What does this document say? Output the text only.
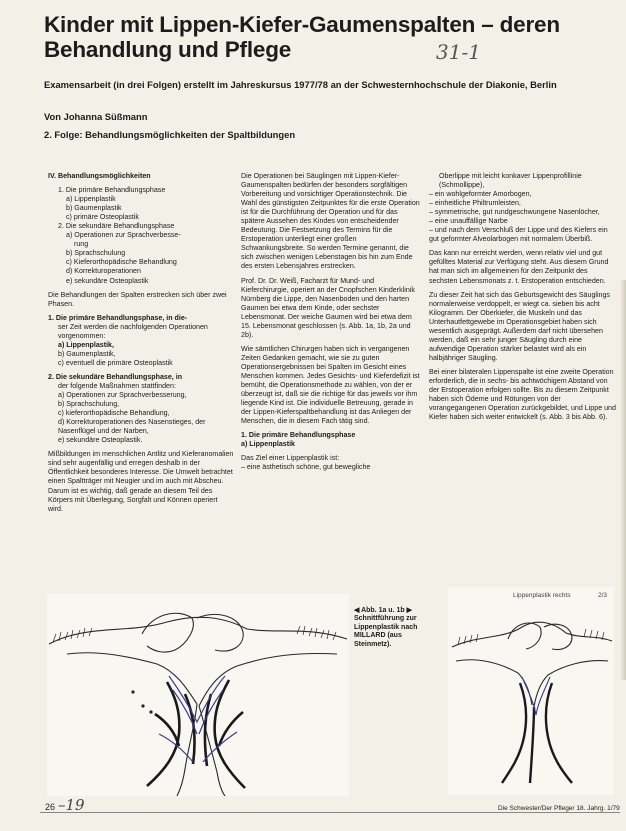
Kinder mit Lippen-Kiefer-Gaumenspalten – deren Behandlung und Pflege	31-1
Examensarbeit (in drei Folgen) erstellt im Jahreskursus 1977/78 an der Schwesternhochschule der Diakonie, Berlin
Von Johanna Süßmann
2. Folge: Behandlungsmöglichkeiten der Spaltbildungen

IV. Behandlungsmöglichkeiten

1. Die primäre Behandlungsphase
a) Lippenplastik
b) Gaumenplastik
c) primäre Osteoplastik
2. Die sekundäre Behandlungsphase
a) Operationen zur Sprachverbesse-
rung
b) Sprachschulung
c) Kieferorthopädische Behandlung
d) Korrekturoperationen
e) sekundäre Osteoplastik

Die Behandlungen der Spalten erstrecken sich über zwei Phasen.

1. Die primäre Behandlungsphase, in die-
ser Zeit werden die nachfolgenden Operationen vorgenommen:
a) Lippenplastik,
b) Gaumenplastik,
c) eventuell die primäre Osteoplastik
2. Die sekundäre Behandlungsphase, in
der folgende Maßnahmen stattfinden:
a) Operationen zur Sprachverbesserung,
b) Sprachschulung,
c) kieferorthopädische Behandlung,
d) Korrekturoperationen des Nasenstieges, der Nasenflügel und der Narben,
e) sekundäre Osteoplastik.

Mißbildungen im menschlichen Antlitz und Kieferanomalien sind sehr augenfällig und erregen deshalb in der Öffentlichkeit besonderes Interesse. Die Umwelt betrachtet einen Spaltträger mit Neugier und im auch mit Abscheu. Darum ist es wichtig, daß gerade an diesem Teil des Körpers mit Überlegung, Sorgfalt und Können operiert wird.

Die Operationen bei Säuglingen mit Lippen-Kiefer-Gaumenspalten bedürfen der besonders sorgfältigen Vorbereitung und vorsichtiger Operationstechnik. Die Wahl des günstigsten Zeitpunktes für die erste Operation ist für die Durchführung der Operation und für das spätere Aussehen des Kindes von entscheidender Bedeutung. Die Festsetzung des Termins für die Erstoperation unterliegt einer großen Schwankungsbreite. So werden Termine genannt, die sich zwischen wenigen Lebenstagen bis hin zum Ende des ersten Lebensjahres erstrecken.

Prof. Dr. Dr. Weiß, Facharzt für Mund- und Kieferchirurgie, operiert an der Cnopfschen Kinderklinik Nürnberg die Lippe, den Nasenboden und den harten Gaumen bei etwa dem Kinde, oder sechster Lebensmonat. Der weiche Gaumen wird bei etwa dem 15. Lebensmonat geschlossen (s. Abb. 1a, 1b, 2a und 2b).

Wie sämtlichen Chirurgen haben sich in vergangenen Zeiten Gedanken gemacht, wie sie zu guten Operationsergebnissen bei Spalten im Gesicht eines Menschen kommen. Jedes Gesichts- und Kieferdefizit ist bemüht, die Operationsmethode zu wählen, von der er überzeugt ist, daß sie die richtige für das jeweils vor ihm liegende Kind ist. Die individuelle Betreuung, gerade in der Lippen-Kieferspaltbehandlung ist das Anliegen der Menschen, die in diesem Fach tätig sind.

1. Die primäre Behandlungsphase
a) Lippenplastik
Das Ziel einer Lippenplastik ist:
– eine ästhetisch schöne, gut bewegliche
Oberlippe mit leicht konkaver Lippenprofillinie (Schmollippe),
– ein wohlgeformter Amorbogen,
– einheitliche Philtrumleisten,
– symmetrische, gut rundgeschwungene Nasenlöcher,
– eine unauffällige Narbe
– und nach dem Verschluß der Lippe und des Kiefers ein gut geformter Alveolarbogen mit normalem Überbiß.

Das kann nur erreicht werden, wenn relativ viel und gut gefülltes Material zur Verfügung steht. Aus diesem Grund hat man sich im allgemeinen für den Zeitpunkt des sechsten Lebensmonats z. t. Erstoperation entschieden.

Zu dieser Zeit hat sich das Geburtsgewicht des Säuglings normalerweise verdoppelt, er wiegt ca. sieben bis acht Kilogramm. Der Oberkiefer, die Muskeln und das Unterhautfettgewebe im Operationsgebiet haben sich wesentlich ausgeprägt. Außerdem darf nicht übersehen werden, daß ein sehr junger Säugling durch eine aufwendige Operation stärker belastet wird als ein halbjähriger Säugling.

Bei einer bilateralen Lippenspalte ist eine zweite Operation erforderlich, die in sechs- bis achtwöchigem Abstand von der Erstoperation erfolgen sollte. Bis zu diesem Zeitpunkt haben sich Ödeme und Rötungen von der vorangegangenen Operation zurückgebildet, und Lippe und Kiefer haben sich weiter entwickelt (s. Abb. 3 bis Abb. 6).

◀ Abb. 1a u. 1b ▶ Schnittführung zur Lippenplastik nach MILLARD (aus Steinmetz).
Lippenplastik rechts	2/3
26 –19	Die Schwester/Der Pfleger 18. Jahrg. 1/79
